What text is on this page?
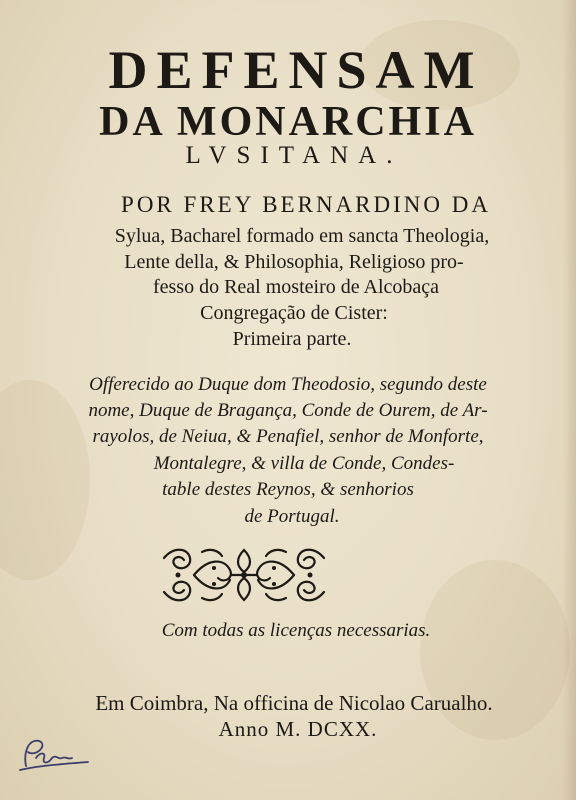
DEFENSAM
DA MONARCHIA
LVSITANA.
POR FREY BERNARDINO DA
Sylua, Bacharel formado em sancta Theologia,
Lente della, & Philosophia, Religioso pro-
fesso do Real mosteiro de Alcobaça
Congregação de Cister:
Primeira parte.
Offerecido ao Duque dom Theodosio, segundo deste
nome, Duque de Bragança, Conde de Ourem, de Ar-
rayolos, de Neiua, & Penafiel, senhor de Monforte,
Montalegre, & villa de Conde, Condes-
table destes Reynos, & senhorios
de Portugal.
Com todas as licenças necessarias.
Em Coimbra, Na officina de Nicolao Carualho.
Anno M. DCXX.
